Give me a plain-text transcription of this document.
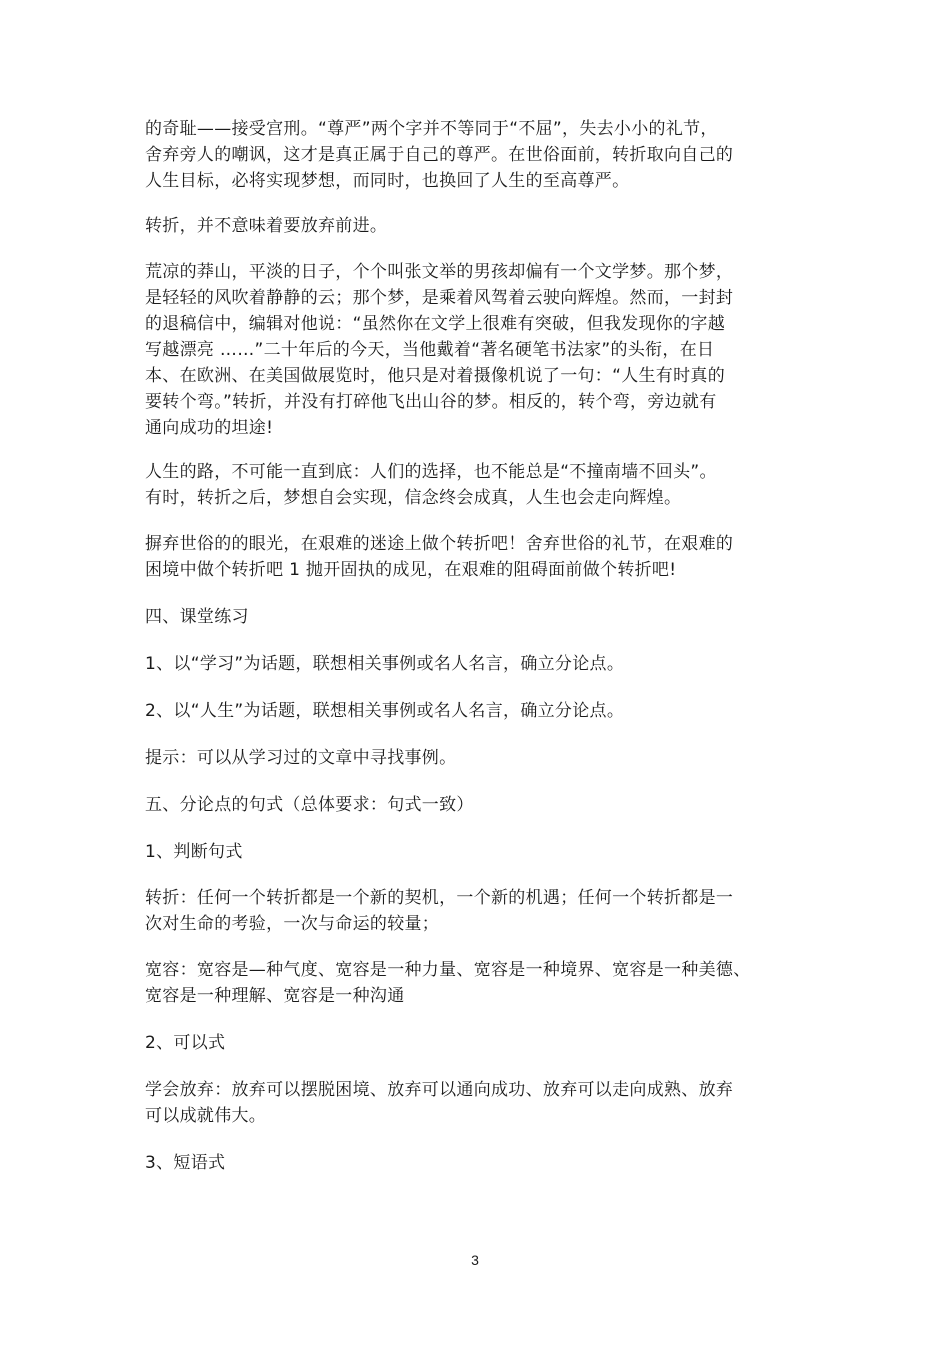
的奇耻——接受宫刑。“尊严”两个字并不等同于“不屈”，失去小小的礼节，
舍弃旁人的嘲讽，这才是真正属于自己的尊严。在世俗面前，转折取向自己的
人生目标，必将实现梦想，而同时，也换回了人生的至高尊严。
转折，并不意味着要放弃前进。
荒凉的莽山，平淡的日子，个个叫张文举的男孩却偏有一个文学梦。那个梦，
是轻轻的风吹着静静的云；那个梦，是乘着风驾着云驶向辉煌。然而，一封封
的退稿信中，编辑对他说：“虽然你在文学上很难有突破，但我发现你的字越
写越漂亮 ……”二十年后的今天，当他戴着“著名硬笔书法家”的头衔，在日
本、在欧洲、在美国做展览时，他只是对着摄像机说了一句：“人生有时真的
要转个弯。”转折，并没有打碎他飞出山谷的梦。相反的，转个弯，旁边就有
通向成功的坦途!
人生的路，不可能一直到底：人们的选择，也不能总是“不撞南墙不回头”。
有时，转折之后，梦想自会实现，信念终会成真，人生也会走向辉煌。
摒弃世俗的的眼光，在艰难的迷途上做个转折吧！舍弃世俗的礼节，在艰难的
困境中做个转折吧 1 抛开固执的成见，在艰难的阻碍面前做个转折吧!
四、课堂练习
1、以“学习”为话题，联想相关事例或名人名言，确立分论点。
2、以“人生”为话题，联想相关事例或名人名言，确立分论点。
提示：可以从学习过的文章中寻找事例。
五、分论点的句式（总体要求：句式一致）
1、判断句式
转折：任何一个转折都是一个新的契机，一个新的机遇；任何一个转折都是一
次对生命的考验，一次与命运的较量；
宽容：宽容是—种气度、宽容是一种力量、宽容是一种境界、宽容是一种美德、
宽容是一种理解、宽容是一种沟通
2、可以式
学会放弃：放弃可以摆脱困境、放弃可以通向成功、放弃可以走向成熟、放弃
可以成就伟大。
3、短语式
3
